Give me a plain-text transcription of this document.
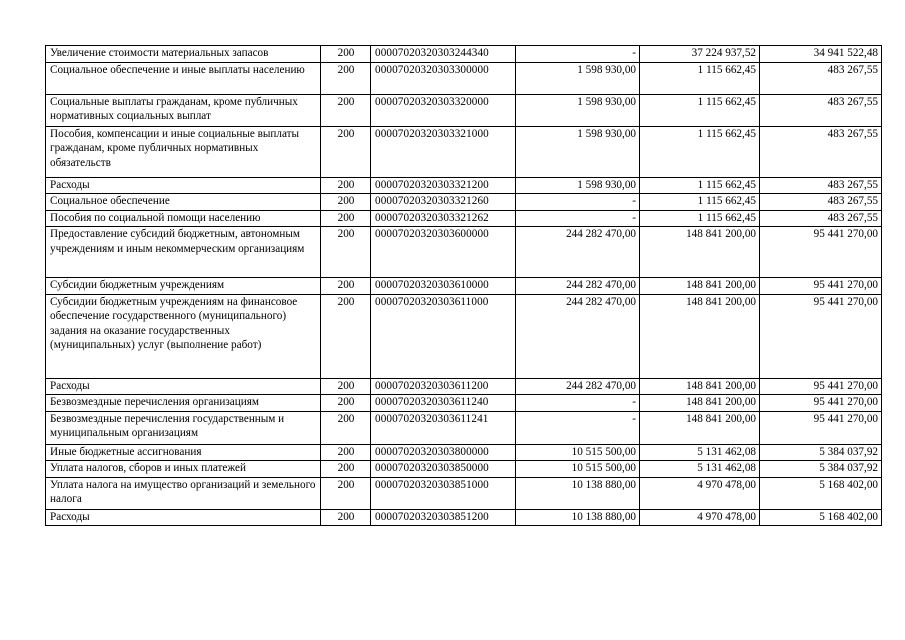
Увеличение стоимости материальных запасов	200	00007020320303244340	-	37 224 937,52	34 941 522,48
Социальное обеспечение и иные выплаты населению	200	00007020320303300000	1 598 930,00	1 115 662,45	483 267,55
Социальные выплаты гражданам, кроме публичных нормативных социальных выплат	200	00007020320303320000	1 598 930,00	1 115 662,45	483 267,55
Пособия, компенсации и иные социальные выплаты гражданам, кроме публичных нормативных обязательств	200	00007020320303321000	1 598 930,00	1 115 662,45	483 267,55
Расходы	200	00007020320303321200	1 598 930,00	1 115 662,45	483 267,55
Социальное обеспечение	200	00007020320303321260	-	1 115 662,45	483 267,55
Пособия по социальной помощи населению	200	00007020320303321262	-	1 115 662,45	483 267,55
Предоставление субсидий бюджетным, автономным учреждениям и иным некоммерческим организациям	200	00007020320303600000	244 282 470,00	148 841 200,00	95 441 270,00
Субсидии бюджетным учреждениям	200	00007020320303610000	244 282 470,00	148 841 200,00	95 441 270,00
Субсидии бюджетным учреждениям на финансовое обеспечение государственного (муниципального) задания на оказание государственных (муниципальных) услуг (выполнение работ)	200	00007020320303611000	244 282 470,00	148 841 200,00	95 441 270,00
Расходы	200	00007020320303611200	244 282 470,00	148 841 200,00	95 441 270,00
Безвозмездные перечисления организациям	200	00007020320303611240	-	148 841 200,00	95 441 270,00
Безвозмездные перечисления государственным и муниципальным организациям	200	00007020320303611241	-	148 841 200,00	95 441 270,00
Иные бюджетные ассигнования	200	00007020320303800000	10 515 500,00	5 131 462,08	5 384 037,92
Уплата налогов, сборов и иных платежей	200	00007020320303850000	10 515 500,00	5 131 462,08	5 384 037,92
Уплата налога на имущество организаций и земельного налога	200	00007020320303851000	10 138 880,00	4 970 478,00	5 168 402,00
Расходы	200	00007020320303851200	10 138 880,00	4 970 478,00	5 168 402,00
